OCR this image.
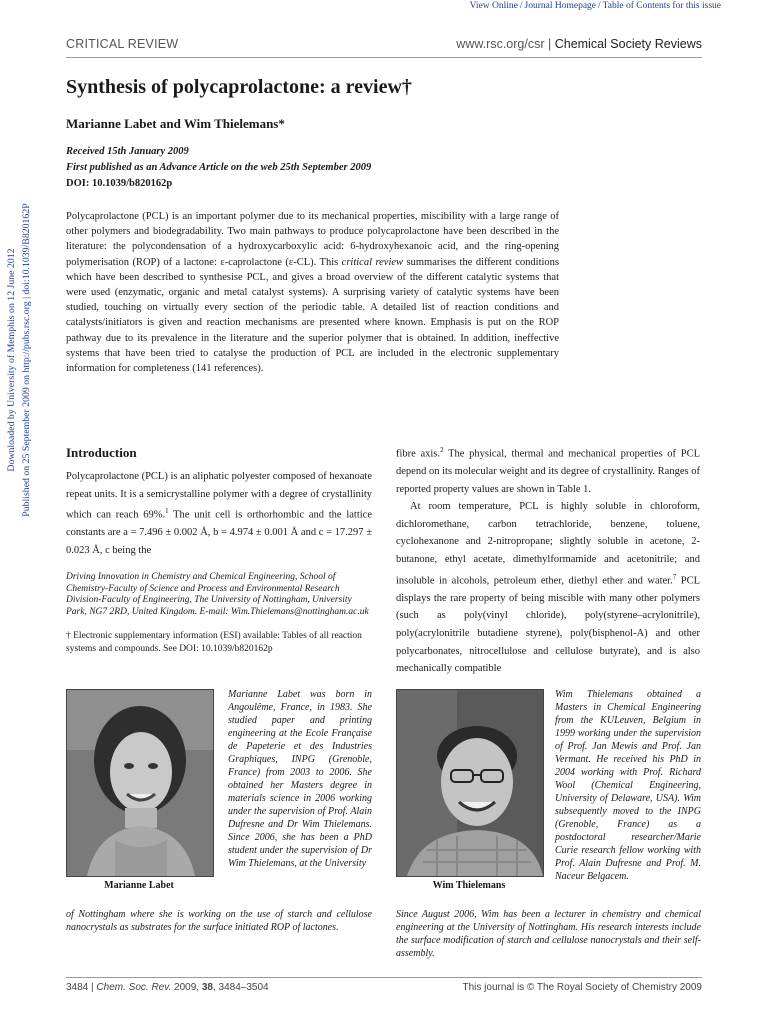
View Online / Journal Homepage / Table of Contents for this issue
CRITICAL REVIEW	www.rsc.org/csr | Chemical Society Reviews
Downloaded by University of Memphis on 12 June 2012 Published on 25 September 2009 on http://pubs.rsc.org | doi:10.1039/B820162P
Synthesis of polycaprolactone: a review†
Marianne Labet and Wim Thielemans*
Received 15th January 2009
First published as an Advance Article on the web 25th September 2009
DOI: 10.1039/b820162p
Polycaprolactone (PCL) is an important polymer due to its mechanical properties, miscibility with a large range of other polymers and biodegradability. Two main pathways to produce polycaprolactone have been described in the literature: the polycondensation of a hydroxycarboxylic acid: 6-hydroxyhexanoic acid, and the ring-opening polymerisation (ROP) of a lactone: ε-caprolactone (ε-CL). This critical review summarises the different conditions which have been described to synthesise PCL, and gives a broad overview of the different catalytic systems that were used (enzymatic, organic and metal catalyst systems). A surprising variety of catalytic systems have been studied, touching on virtually every section of the periodic table. A detailed list of reaction conditions and catalysts/initiators is given and reaction mechanisms are presented where known. Emphasis is put on the ROP pathway due to its prevalence in the literature and the superior polymer that is obtained. In addition, ineffective systems that have been tried to catalyse the production of PCL are included in the electronic supplementary information for completeness (141 references).
Introduction
Polycaprolactone (PCL) is an aliphatic polyester composed of hexanoate repeat units. It is a semicrystalline polymer with a degree of crystallinity which can reach 69%.$^1$ The unit cell is orthorhombic and the lattice constants are a = 7.496 ± 0.002 Å, b = 4.974 ± 0.001 Å and c = 17.297 ± 0.023 Å, c being the

fibre axis.$^2$ The physical, thermal and mechanical properties of PCL depend on its molecular weight and its degree of crystallinity. Ranges of reported property values are shown in Table 1.

At room temperature, PCL is highly soluble in chloroform, dichloromethane, carbon tetrachloride, benzene, toluene, cyclohexanone and 2-nitropropane; slightly soluble in acetone, 2-butanone, ethyl acetate, dimethylformamide and acetonitrile; and insoluble in alcohols, petroleum ether, diethyl ether and water.$^7$ PCL displays the rare property of being miscible with many other polymers (such as poly(vinyl chloride), poly(styrene–acrylonitrile), poly(acrylonitrile butadiene styrene), poly(bisphenol-A) and other polycarbonates, nitrocellulose and cellulose butyrate), and is also mechanically compatible

Driving Innovation in Chemistry and Chemical Engineering, School of Chemistry-Faculty of Science and Process and Environmental Research Division-Faculty of Engineering, The University of Nottingham, University Park, NG7 2RD, United Kingdom. E-mail: Wim.Thielemans@nottingham.ac.uk
† Electronic supplementary information (ESI) available: Tables of all reaction systems and compounds. See DOI: 10.1039/b820162p
Marianne Labet	Wim Thielemans
Marianne Labet was born in Angoulême, France, in 1983. She studied paper and printing engineering at the Ecole Française de Papeterie et des Industries Graphiques, INPG (Grenoble, France) from 2003 to 2006. She obtained her Masters degree in materials science in 2006 working under the supervision of Prof. Alain Dufresne and Dr Wim Thielemans. Since 2006, she has been a PhD student under the supervision of Dr Wim Thielemans, at the University
of Nottingham where she is working on the use of starch and cellulose nanocrystals as substrates for the surface initiated ROP of lactones.
Wim Thielemans obtained a Masters in Chemical Engineering from the KULeuven, Belgium in 1999 working under the supervision of Prof. Jan Mewis and Prof. Jan Vermant. He received his PhD in 2004 working with Prof. Richard Wool (Chemical Engineering, University of Delaware, USA). Wim subsequently moved to the INPG (Grenoble, France) as a postdoctoral researcher/Marie Curie research fellow working with Prof. Alain Dufresne and Prof. M. Naceur Belgacem.
Since August 2006, Wim has been a lecturer in chemistry and chemical engineering at the University of Nottingham. His research interests include the surface modification of starch and cellulose nanocrystals and their self-assembly.
3484 | Chem. Soc. Rev. 2009, 38, 3484–3504	This journal is © The Royal Society of Chemistry 2009
